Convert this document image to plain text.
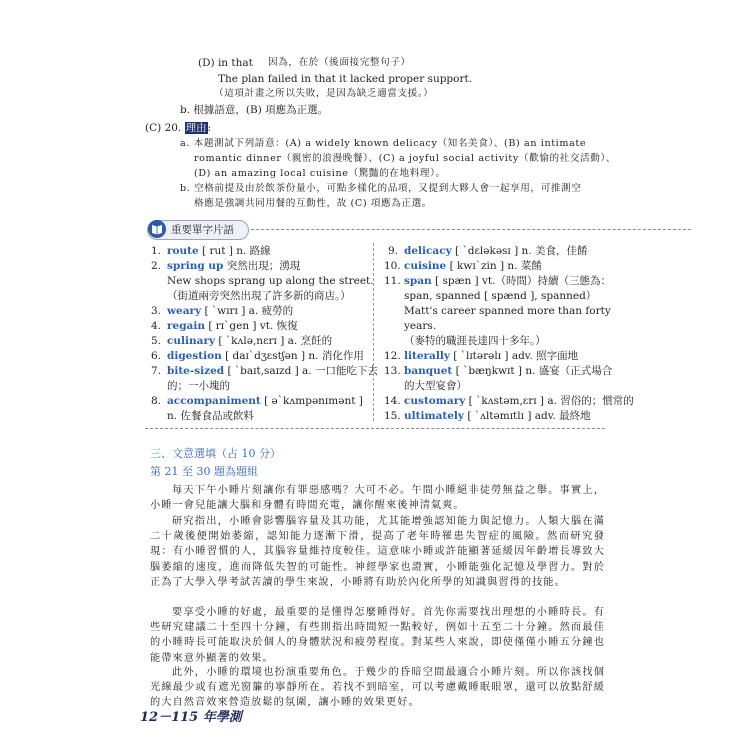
(D) in that 因為，在於（後面接完整句子）
The plan failed in that it lacked proper support.
（這項計畫之所以失敗，是因為缺乏適當支援。）
b. 根據語意，(B) 項應為正選。
(C) 20. 理由:
a. 本題測試下列語意：(A) a widely known delicacy（知名美食）、(B) an intimate
romantic dinner（親密的浪漫晚餐）、(C) a joyful social activity（歡愉的社交活動）、
(D) an amazing local cuisine（驚豔的在地料理）。
b. 空格前提及由於飲茶份量小，可點多樣化的品項，又提到大夥人會一起享用，可推測空
格應是強調共同用餐的互動性，故 (C) 項應為正選。
重要單字片語
1. route [ rut ] n. 路線
2. spring up 突然出現；湧現
New shops sprang up along the street.
（街道兩旁突然出現了許多新的商店。）
3. weary [ ˋwɪrɪ ] a. 疲勞的
4. regain [ rɪˋgen ] vt. 恢復
5. culinary [ ˋkʌlə,nɛrɪ ] a. 烹飪的
6. digestion [ daɪˋdʒɛstʃən ] n. 消化作用
7. bite-sized [ ˋbaɪt,saɪzd ] a. 一口能吃下去
的；一小塊的
8. accompaniment [ əˋkʌmpənɪmənt ]
n. 佐餐食品或飲料
9. delicacy [ ˋdɛləkəsɪ ] n. 美食，佳餚
10. cuisine [ kwɪˋzin ] n. 菜餚
11. span [ spæn ] vt.（時間）持續（三態為：
span, spanned [ spænd ], spanned）
Matt's career spanned more than forty
years.
（麥特的職涯長達四十多年。）
12. literally [ ˋlɪtərəlɪ ] adv. 照字面地
13. banquet [ ˋbæŋkwɪt ] n. 盛宴（正式場合
的大型宴會）
14. customary [ ˋkʌstəm,ɛrɪ ] a. 習俗的；慣常的
15. ultimately [ ˋʌltəmɪtlɪ ] adv. 最終地
三、文意選填（占 10 分）
第 21 至 30 題為題組
每天下午小睡片刻讓你有罪惡感嗎？大可不必。午間小睡絕非徒勞無益之舉。事實上，小睡一會兒能讓大腦和身體有時間充電，讓你醒來後神清氣爽。
研究指出，小睡會影響腦容量及其功能，尤其能增強認知能力與記憶力。人類大腦在滿二十歲後便開始萎縮，認知能力逐漸下滑，提高了老年時罹患失智症的風險。然而研究發現：有小睡習慣的人，其腦容量維持度較佳。這意味小睡或許能顯著延緩因年齡增長導致大腦萎縮的速度，進而降低失智的可能性。神經學家也證實，小睡能強化記憶及學習力。對於正為了大學入學考試苦讀的學生來說，小睡將有助於內化所學的知識與習得的技能。
要享受小睡的好處，最重要的是懂得怎麼睡得好。首先你需要找出理想的小睡時長。有些研究建議二十至四十分鐘，有些則指出時間短一點較好，例如十五至二十分鐘。然而最佳的小睡時長可能取決於個人的身體狀況和疲勞程度。對某些人來說，即使僅僅小睡五分鐘也能帶來意外顯著的效果。
此外，小睡的環境也扮演重要角色。于幾少的昏暗空間最適合小睡片刻。所以你該找個光線最少或有遮光窗簾的寧靜所在。若找不到暗室，可以考慮戴睡眠眼罩，還可以放點舒緩的大自然音效來營造放鬆的氛圍，讓小睡的效果更好。
12－115 年學測
